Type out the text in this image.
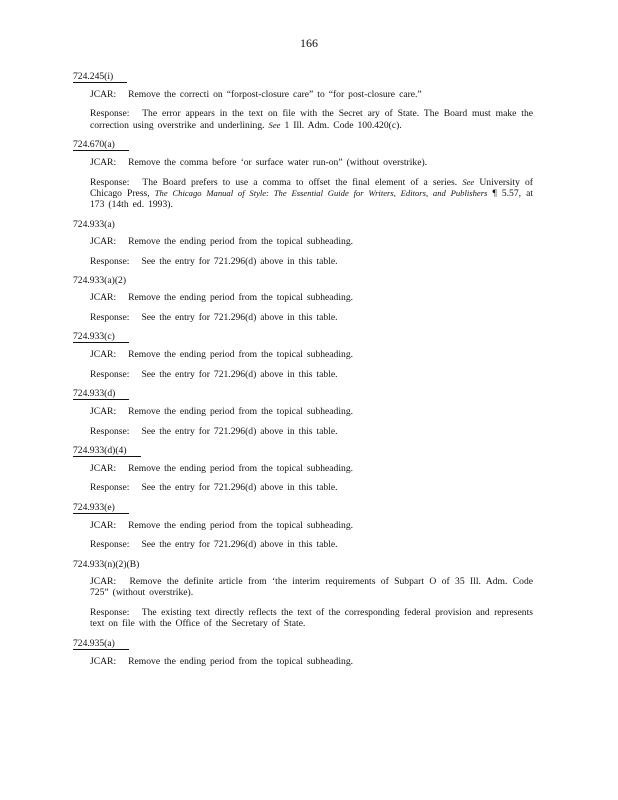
166
724.245(i)

JCAR: Remove the correcti on “forpost-closure care” to “for post-closure care.”

Response: The error appears in the text on file with the Secret ary of State. The Board must make the correction using overstrike and underlining. See 1 Ill. Adm. Code 100.420(c).

724.670(a)

JCAR: Remove the comma before ‘or surface water run-on” (without overstrike).

Response: The Board prefers to use a comma to offset the final element of a series. See University of Chicago Press, The Chicago Manual of Style: The Essential Guide for Writers, Editors, and Publishers ¶ 5.57, at 173 (14th ed. 1993).

724.933(a)

JCAR: Remove the ending period from the topical subheading.

Response: See the entry for 721.296(d) above in this table.

724.933(a)(2)

JCAR: Remove the ending period from the topical subheading.

Response: See the entry for 721.296(d) above in this table.

724.933(c)

JCAR: Remove the ending period from the topical subheading.

Response: See the entry for 721.296(d) above in this table.

724.933(d)

JCAR: Remove the ending period from the topical subheading.

Response: See the entry for 721.296(d) above in this table.

724.933(d)(4)

JCAR: Remove the ending period from the topical subheading.

Response: See the entry for 721.296(d) above in this table.

724.933(e)

JCAR: Remove the ending period from the topical subheading.

Response: See the entry for 721.296(d) above in this table.

724.933(n)(2)(B)

JCAR: Remove the definite article from ‘the interim requirements of Subpart O of 35 Ill. Adm. Code 725” (without overstrike).

Response: The existing text directly reflects the text of the corresponding federal provision and represents text on file with the Office of the Secretary of State.

724.935(a)

JCAR: Remove the ending period from the topical subheading.
